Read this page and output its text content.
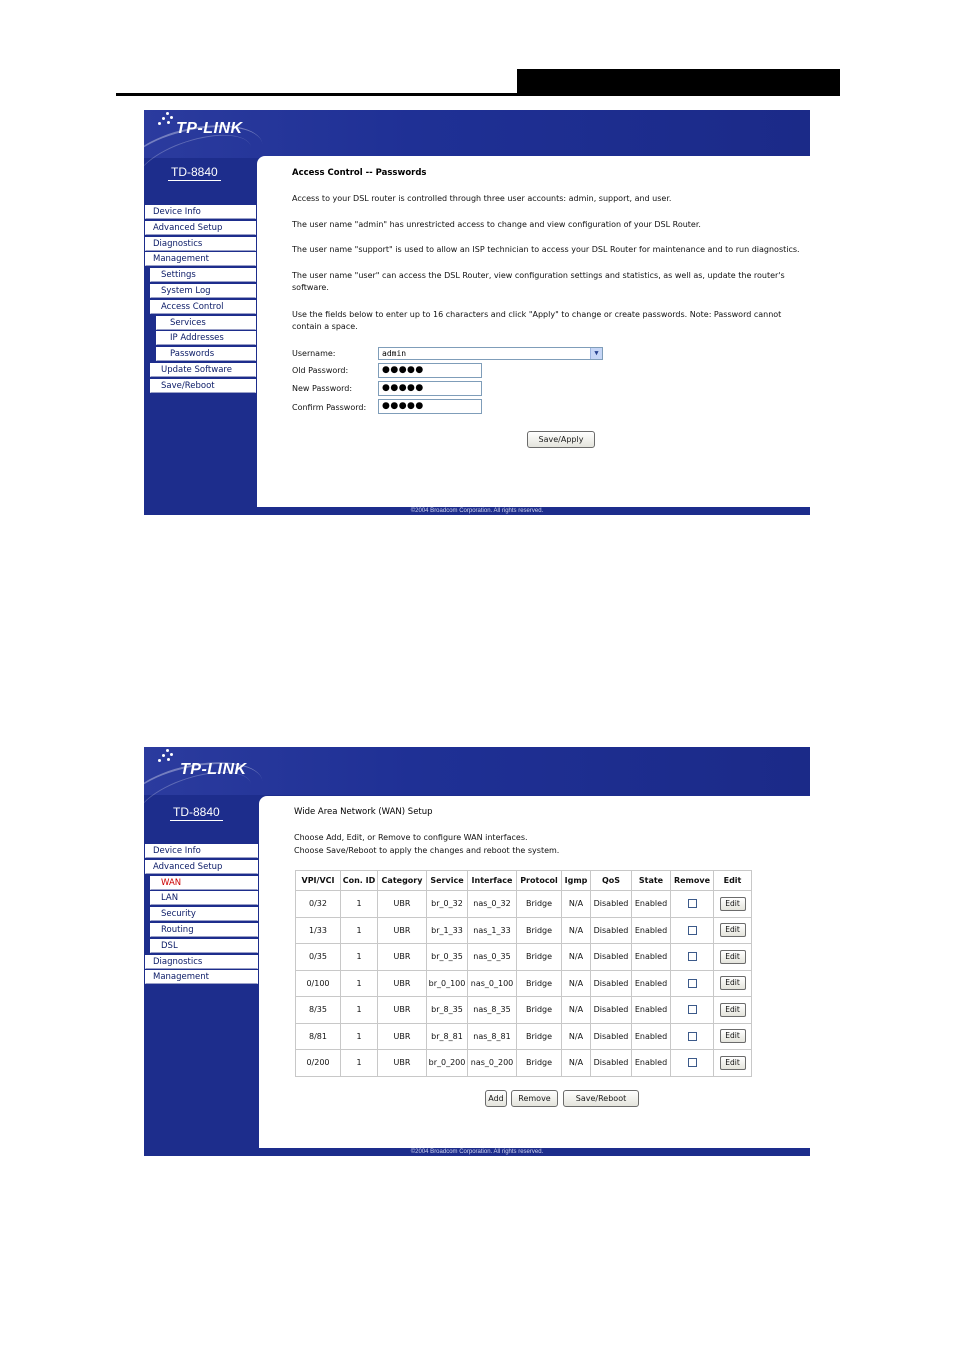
TP-LINK
TD-8840
Device Info
Advanced Setup
Diagnostics
Management
Settings
System Log
Access Control
Services
IP Addresses
Passwords
Update Software
Save/Reboot
©2004 Broadcom Corporation. All rights reserved.
Access Control -- Passwords
Access to your DSL router is controlled through three user accounts: admin, support, and user.
The user name "admin" has unrestricted access to change and view configuration of your DSL Router.
The user name "support" is used to allow an ISP technician to access your DSL Router for maintenance and to run diagnostics.
The user name "user" can access the DSL Router, view configuration settings and statistics, as well as, update the router's software.
Use the fields below to enter up to 16 characters and click "Apply" to change or create passwords. Note: Password cannot contain a space.
Username:	admin	▼
Old Password:	●●●●●
New Password:	●●●●●
Confirm Password:	●●●●●
Save/Apply
TP-LINK
TD-8840
Device Info
Advanced Setup
WAN
LAN
Security
Routing
DSL
Diagnostics
Management
©2004 Broadcom Corporation. All rights reserved.
Wide Area Network (WAN) Setup
Choose Add, Edit, or Remove to configure WAN interfaces.
Choose Save/Reboot to apply the changes and reboot the system.
VPI/VCI	Con. ID	Category	Service	Interface	Protocol	Igmp	QoS	State	Remove	Edit
0/32	1	UBR	br_0_32	nas_0_32	Bridge	N/A	Disabled	Enabled		Edit
1/33	1	UBR	br_1_33	nas_1_33	Bridge	N/A	Disabled	Enabled		Edit
0/35	1	UBR	br_0_35	nas_0_35	Bridge	N/A	Disabled	Enabled		Edit
0/100	1	UBR	br_0_100	nas_0_100	Bridge	N/A	Disabled	Enabled		Edit
8/35	1	UBR	br_8_35	nas_8_35	Bridge	N/A	Disabled	Enabled		Edit
8/81	1	UBR	br_8_81	nas_8_81	Bridge	N/A	Disabled	Enabled		Edit
0/200	1	UBR	br_0_200	nas_0_200	Bridge	N/A	Disabled	Enabled		Edit
Add	Remove	Save/Reboot
